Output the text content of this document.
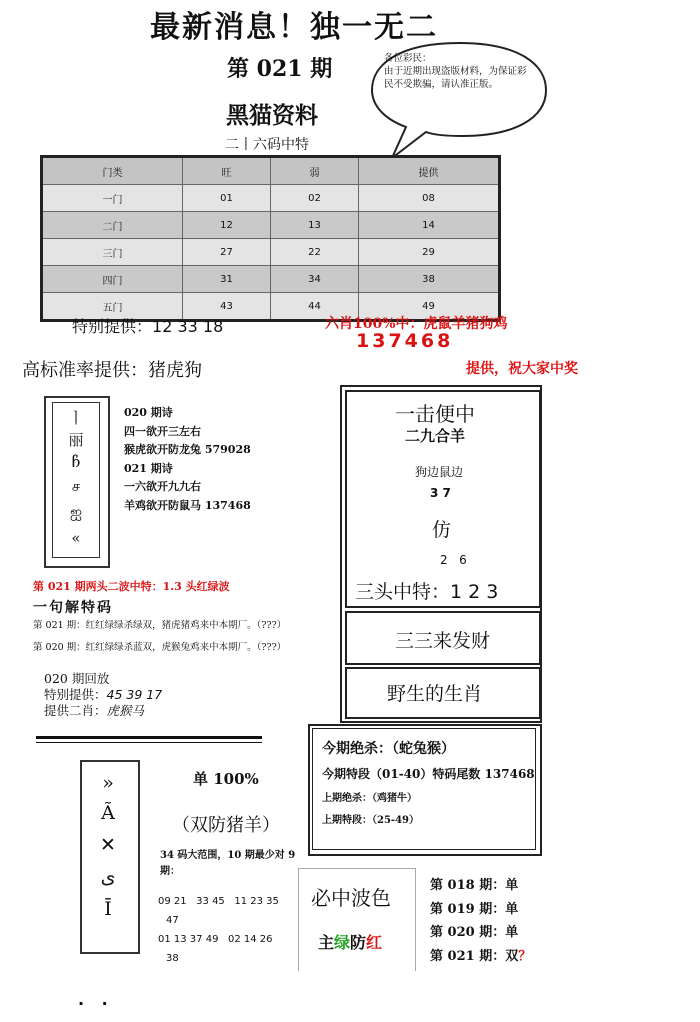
最新消息！独一无二
第 021 期
黑猫资料
二丨六码中特
各位彩民：
由于近期出现盗版材料，为保证彩民不受欺骗，请认准正版。
门类	旺	弱	提供
一门	01	02	08
二门	12	13	14
三门	27	22	29
四门	31	34	38
五门	43	44	49
特别提供：12 33 18	六肖100%中：虎鼠羊猪狗鸡
137468
高标准率提供：猪虎狗	提供，祝大家中奖
ㅣ
丽
ჩ
ச
ஐ
«
020 期诗
四一欲开三左右
猴虎欲开防龙兔 579028
021 期诗
一六欲开九九右
羊鸡欲开防鼠马 137468
第 021 期两头二波中特：1.3 头红绿波
一句解特码
第 021 期：红红绿绿杀绿双，猪虎猪鸡来中本期厂。（???）
第 020 期：红红绿绿杀蓝双，虎猴兔鸡来中本期厂。（???）
020 期回放
特别提供：45 39 17
提供二肖：虎猴马
一击便中
二九合羊
狗边鼠边
3 7
仿
2   6
三头中特：1 2 3
三三来发财
野生的生肖
今期绝杀：（蛇兔猴）
今期特段（01-40）特码尾数 137468
上期绝杀：（鸡猪牛）
上期特段：（25-49）
»
Ã
✕
ﻯ
Ī
单 100%
（双防猪羊）
34 码大范围，10 期最少对 9 期：
09 21   33 45   11 23 35
47
01 13 37 49   02 14 26
38
必中波色
主绿防红
第 018 期：单
第 019 期：单
第 020 期：单
第 021 期：双？
· ·
